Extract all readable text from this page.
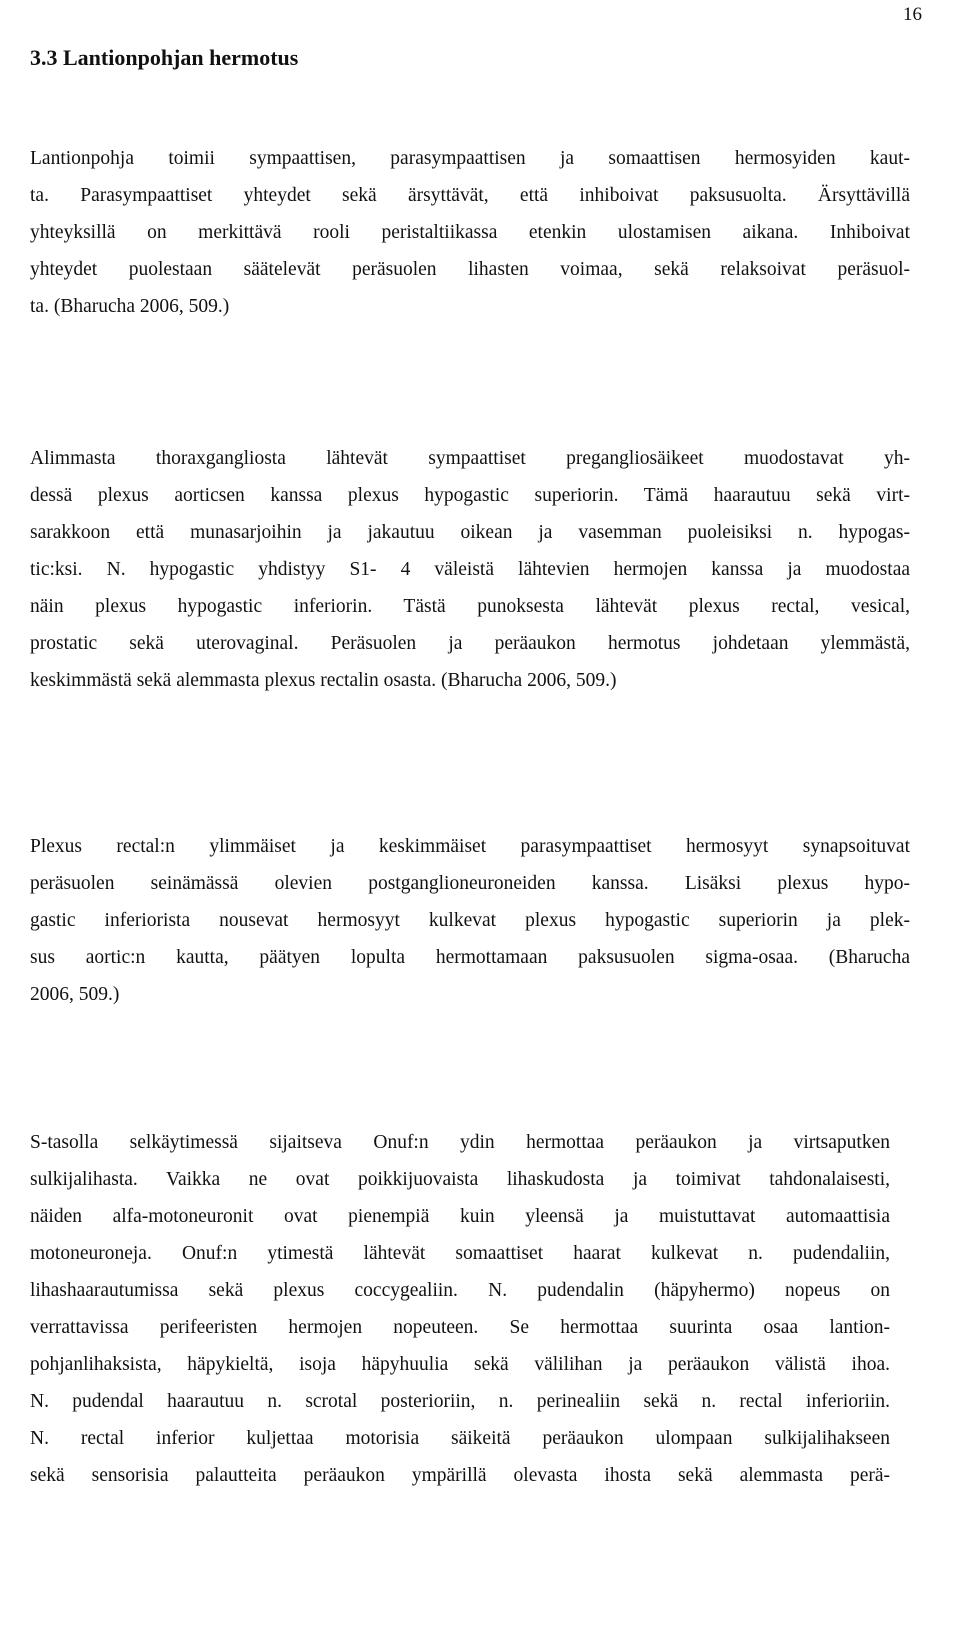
16
3.3 Lantionpohjan hermotus
Lantionpohja toimii sympaattisen, parasympaattisen ja somaattisen hermosyiden kaut-
ta. Parasympaattiset yhteydet sekä ärsyttävät, että inhiboivat paksusuolta. Ärsyttävillä
yhteyksillä on merkittävä rooli peristaltiikassa etenkin ulostamisen aikana. Inhiboivat
yhteydet puolestaan säätelevät peräsuolen lihasten voimaa, sekä relaksoivat peräsuol-
ta. (Bharucha 2006, 509.)
Alimmasta thoraxgangliosta lähtevät sympaattiset pregangliosäikeet muodostavat yh-
dessä plexus aorticsen kanssa plexus hypogastic superiorin. Tämä haarautuu sekä virt-
sarakkoon että munasarjoihin ja jakautuu oikean ja vasemman puoleisiksi n. hypogas-
tic:ksi. N. hypogastic yhdistyy S1- 4 väleistä lähtevien hermojen kanssa ja muodostaa
näin plexus hypogastic inferiorin. Tästä punoksesta lähtevät plexus rectal, vesical,
prostatic sekä uterovaginal. Peräsuolen ja peräaukon hermotus johdetaan ylemmästä,
keskimmästä sekä alemmasta plexus rectalin osasta. (Bharucha 2006, 509.)
Plexus rectal:n ylimmäiset ja keskimmäiset parasympaattiset hermosyyt synapsoituvat
peräsuolen seinämässä olevien postganglioneuroneiden kanssa. Lisäksi plexus hypo-
gastic inferiorista nousevat hermosyyt kulkevat plexus hypogastic superiorin ja plek-
sus aortic:n kautta, päätyen lopulta hermottamaan paksusuolen sigma-osaa. (Bharucha
2006, 509.)
S-tasolla selkäytimessä sijaitseva Onuf:n ydin hermottaa peräaukon ja virtsaputken
sulkijalihasta. Vaikka ne ovat poikkijuovaista lihaskudosta ja toimivat tahdonalaisesti,
näiden alfa-motoneuronit ovat pienempiä kuin yleensä ja muistuttavat automaattisia
motoneuroneja. Onuf:n ytimestä lähtevät somaattiset haarat kulkevat n. pudendaliin,
lihashaarautumissa sekä plexus coccygealiin. N. pudendalin (häpyhermo) nopeus on
verrattavissa perifeeristen hermojen nopeuteen. Se hermottaa suurinta osaa lantion-
pohjanlihaksista, häpykieltä, isoja häpyhuulia sekä välilihan ja peräaukon välistä ihoa.
N. pudendal haarautuu n. scrotal posterioriin, n. perinealiin sekä n. rectal inferioriin.
N. rectal inferior kuljettaa motorisia säikeitä peräaukon ulompaan sulkijalihakseen
sekä sensorisia palautteita peräaukon ympärillä olevasta ihosta sekä alemmasta perä-
